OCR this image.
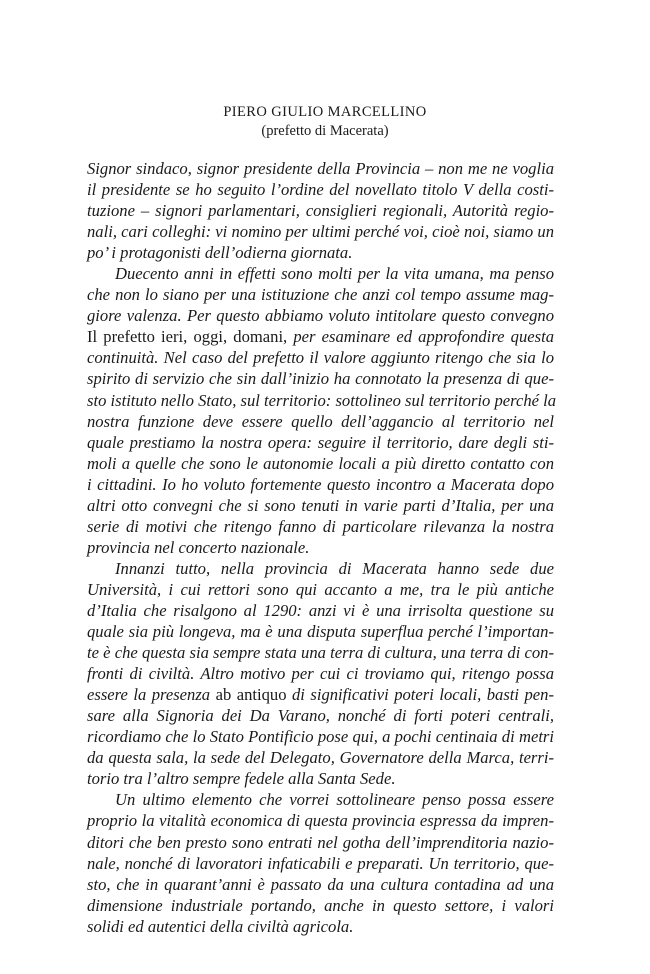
PIERO GIULIO MARCELLINO
(prefetto di Macerata)
Signor sindaco, signor presidente della Provincia – non me ne voglia
il presidente se ho seguito l’ordine del novellato titolo V della costi-
tuzione – signori parlamentari, consiglieri regionali, Autorità regio-
nali, cari colleghi: vi nomino per ultimi perché voi, cioè noi, siamo un
po’ i protagonisti dell’odierna giornata.
Duecento anni in effetti sono molti per la vita umana, ma penso
che non lo siano per una istituzione che anzi col tempo assume mag-
giore valenza. Per questo abbiamo voluto intitolare questo convegno
Il prefetto ieri, oggi, domani, per esaminare ed approfondire questa
continuità. Nel caso del prefetto il valore aggiunto ritengo che sia lo
spirito di servizio che sin dall’inizio ha connotato la presenza di que-
sto istituto nello Stato, sul territorio: sottolineo sul territorio perché la
nostra funzione deve essere quello dell’aggancio al territorio nel
quale prestiamo la nostra opera: seguire il territorio, dare degli sti-
moli a quelle che sono le autonomie locali a più diretto contatto con
i cittadini. Io ho voluto fortemente questo incontro a Macerata dopo
altri otto convegni che si sono tenuti in varie parti d’Italia, per una
serie di motivi che ritengo fanno di particolare rilevanza la nostra
provincia nel concerto nazionale.
Innanzi tutto, nella provincia di Macerata hanno sede due
Università, i cui rettori sono qui accanto a me, tra le più antiche
d’Italia che risalgono al 1290: anzi vi è una irrisolta questione su
quale sia più longeva, ma è una disputa superflua perché l’importan-
te è che questa sia sempre stata una terra di cultura, una terra di con-
fronti di civiltà. Altro motivo per cui ci troviamo qui, ritengo possa
essere la presenza ab antiquo di significativi poteri locali, basti pen-
sare alla Signoria dei Da Varano, nonché di forti poteri centrali,
ricordiamo che lo Stato Pontificio pose qui, a pochi centinaia di metri
da questa sala, la sede del Delegato, Governatore della Marca, terri-
torio tra l’altro sempre fedele alla Santa Sede.
Un ultimo elemento che vorrei sottolineare penso possa essere
proprio la vitalità economica di questa provincia espressa da impren-
ditori che ben presto sono entrati nel gotha dell’imprenditoria nazio-
nale, nonché di lavoratori infaticabili e preparati. Un territorio, que-
sto, che in quarant’anni è passato da una cultura contadina ad una
dimensione industriale portando, anche in questo settore, i valori
solidi ed autentici della civiltà agricola.
